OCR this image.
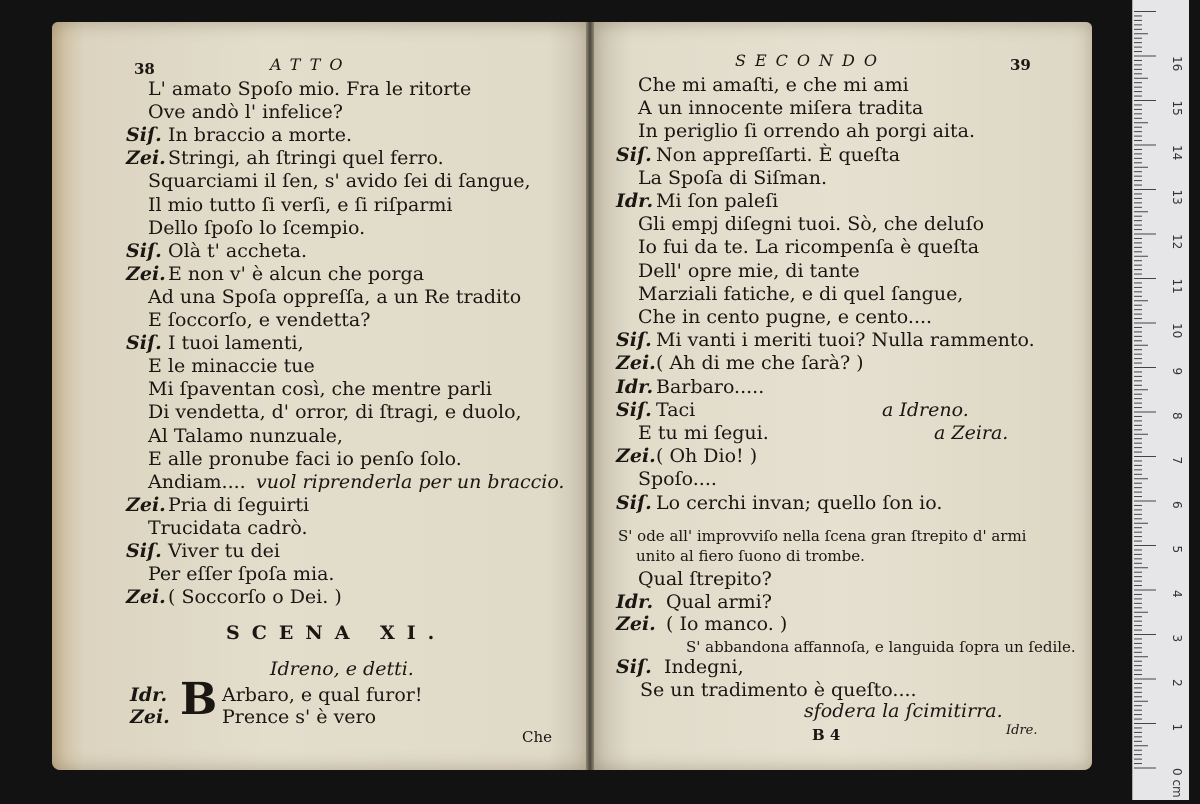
38	ATTO
L' amato Spoſo mio. Fra le ritorte
Ove andò l' infelice?
Siſ. In braccio a morte.
Zei. Stringi, ah ſtringi quel ferro.
Squarciami il ſen, s' avido ſei di ſangue,
Il mio tutto ſi verſi, e ſi riſparmi
Dello ſpoſo lo ſcempio.
Siſ. Olà t' accheta.
Zei. E non v' è alcun che porga
Ad una Spoſa oppreſſa, a un Re tradito
E ſoccorſo, e vendetta?
Siſ. I tuoi lamenti,
E le minaccie tue
Mi ſpaventan così, che mentre parli
Di vendetta, d' orror, di ſtragi, e duolo,
Al Talamo nunzuale,
E alle pronube faci io penſo ſolo.
Andiam.... vuol riprenderla per un braccio.
Zei. Pria di ſeguirti
Trucidata cadrò.
Siſ. Viver tu dei
Per eſſer ſpoſa mia.
Zei. ( Soccorſo o Dei. )
SCENA XI.
Idreno, e detti.
Idr. B Arbaro, e qual furor!
Zei.	Prence s' è vero
Che
SECONDO	39
Che mi amaſti, e che mi ami
A un innocente miſera tradita
In periglio ſi orrendo ah porgi aita.
Siſ. Non appreſſarti. È queſta
La Spoſa di Siſman.
Idr. Mi ſon paleſi
Gli empj diſegni tuoi. Sò, che deluſo
Io fui da te. La ricompenſa è queſta
Dell' opre mie, di tante
Marziali fatiche, e di quel ſangue,
Che in cento pugne, e cento....
Siſ. Mi vanti i meriti tuoi? Nulla rammento.
Zei. ( Ah di me che ſarà? )
Idr. Barbaro.....
Siſ. Taci	a Idreno.
E tu mi ſegui.	a Zeira.
Zei. ( Oh Dio! )
Spoſo....
Siſ. Lo cerchi invan; quello ſon io.
S' ode all' improvviſo nella ſcena gran ſtrepito d' armi
unito al fiero ſuono di trombe.
Qual ſtrepito?
Idr. Qual armi?
Zei. ( Io manco. )
S' abbandona affannoſa, e languida ſopra un ſedile.
Siſ. Indegni,
Se un tradimento è queſto....
sfodera la ſcimitirra.
B 4	Idre.
0 cm
1
2
3
4
5
6
7
8
9
10
11
12
13
14
15
16
